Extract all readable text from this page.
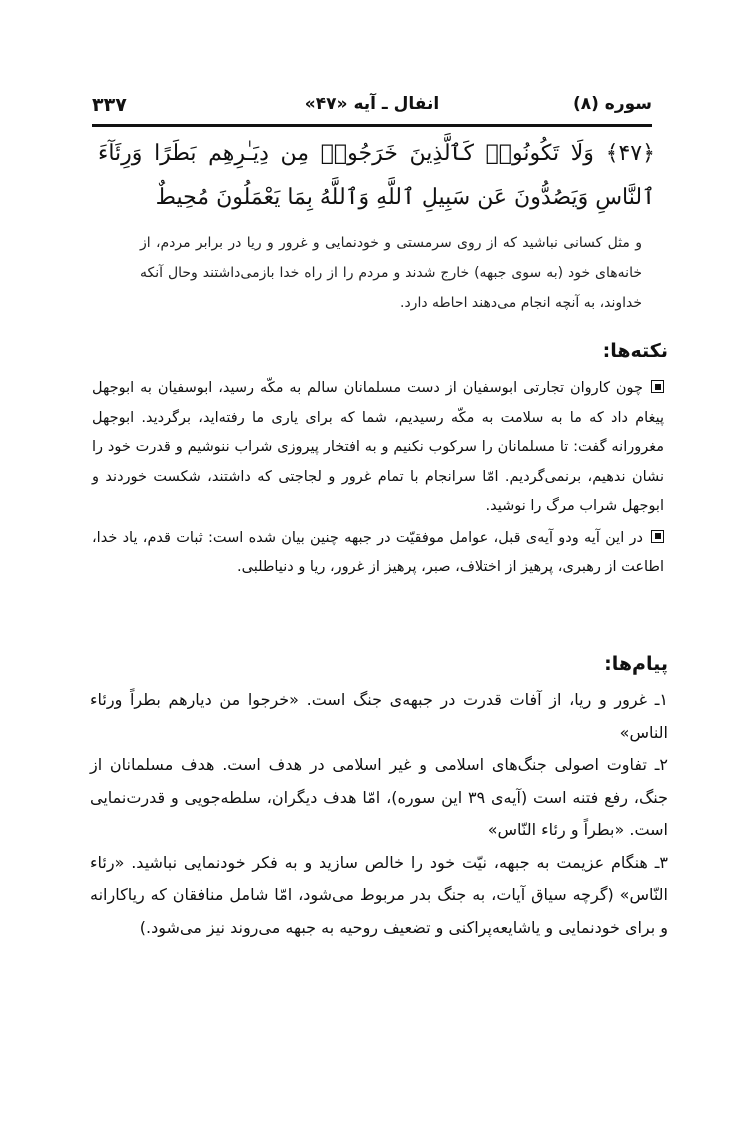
سوره (۸)
انفال ـ آیه «۴۷»
۳۳۷
﴿۴۷﴾ وَلَا تَكُونُوا۟ كَٱلَّذِينَ خَرَجُوا۟ مِن دِيَـٰرِهِم بَطَرًا وَرِئَآءَ ٱلنَّاسِ وَيَصُدُّونَ عَن سَبِيلِ ٱللَّهِ وَٱللَّهُ بِمَا يَعْمَلُونَ مُحِيطٌ
و مثل کسانی نباشید که از روی سرمستی و خودنمایی و غرور و ریا در برابر مردم، از خانه‌های خود (به سوی جبهه) خارج شدند و مردم را از راه خدا بازمی‌داشتند وحال آنکه خداوند، به آنچه انجام می‌دهند احاطه دارد.
نکته‌ها:

چون کاروان تجارتی ابوسفیان از دست مسلمانان سالم به مکّه رسید، ابوسفیان به ابوجهل پیغام داد که ما به سلامت به مکّه رسیدیم، شما که برای یاری ما رفته‌اید، برگردید. ابوجهل مغرورانه گفت: تا مسلمانان را سرکوب نکنیم و به افتخار پیروزی شراب ننوشیم و قدرت خود را نشان ندهیم، برنمی‌گردیم. امّا سرانجام با تمام غرور و لجاجتی که داشتند، شکست خوردند و ابوجهل شراب مرگ را نوشید.

در این آیه ودو آیه‌ی قبل، عوامل موفقیّت در جبهه چنین بیان شده است: ثبات قدم، یاد خدا، اطاعت از رهبری، پرهیز از اختلاف، صبر، پرهیز از غرور، ریا و دنیاطلبی.

پیام‌ها:

۱ـ غرور و ریا، از آفات قدرت در جبهه‌ی جنگ است. «خرجوا من دیارهم بطراً ورئاء الناس»

۲ـ تفاوت اصولی جنگ‌های اسلامی و غیر اسلامی در هدف است. هدف مسلمانان از جنگ، رفع فتنه است (آیه‌ی ۳۹ این سوره)، امّا هدف دیگران، سلطه‌جویی و قدرت‌نمایی است. «بطراً و رئاء النّاس»

۳ـ هنگام عزیمت به جبهه، نیّت خود را خالص سازید و به فکر خودنمایی نباشید. «رئاء النّاس» (گرچه سیاق آیات، به جنگ بدر مربوط می‌شود، امّا شامل منافقان که ریاکارانه و برای خودنمایی و یاشایعه‌پراکنی و تضعیف روحیه به جبهه می‌روند نیز می‌شود.)
